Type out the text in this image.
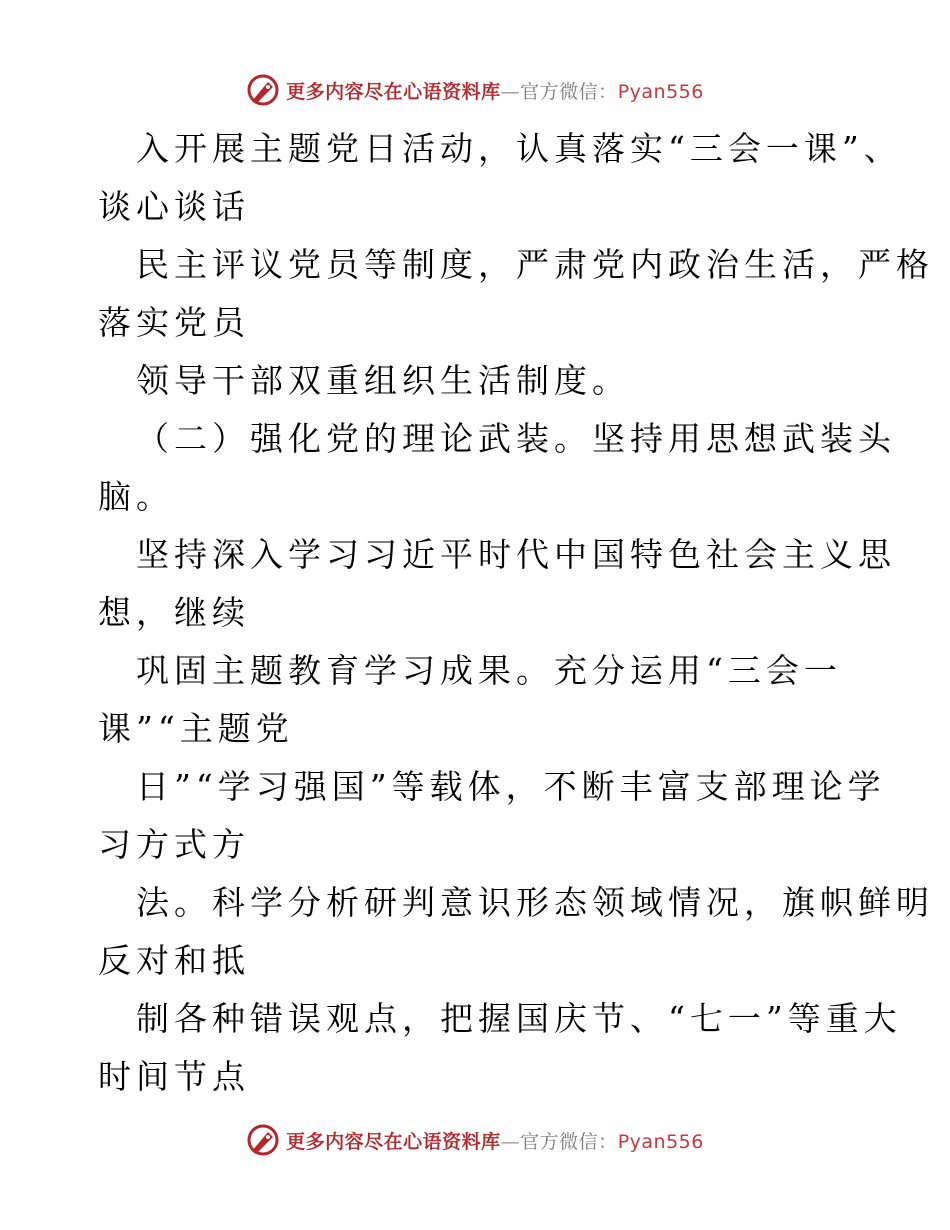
更多内容尽在心语资料库—官方微信：Pyan556
入开展主题党日活动，认真落实“三会一课”、
谈心谈话
民主评议党员等制度，严肃党内政治生活，严格
落实党员
领导干部双重组织生活制度。
（二）强化党的理论武装。坚持用思想武装头
脑。
坚持深入学习习近平时代中国特色社会主义思
想，继续
巩固主题教育学习成果。充分运用“三会一
课”“主题党
日”“学习强国”等载体，不断丰富支部理论学
习方式方
法。科学分析研判意识形态领域情况，旗帜鲜明
反对和抵
制各种错误观点，把握国庆节、“七一”等重大
时间节点
更多内容尽在心语资料库—官方微信：Pyan556
